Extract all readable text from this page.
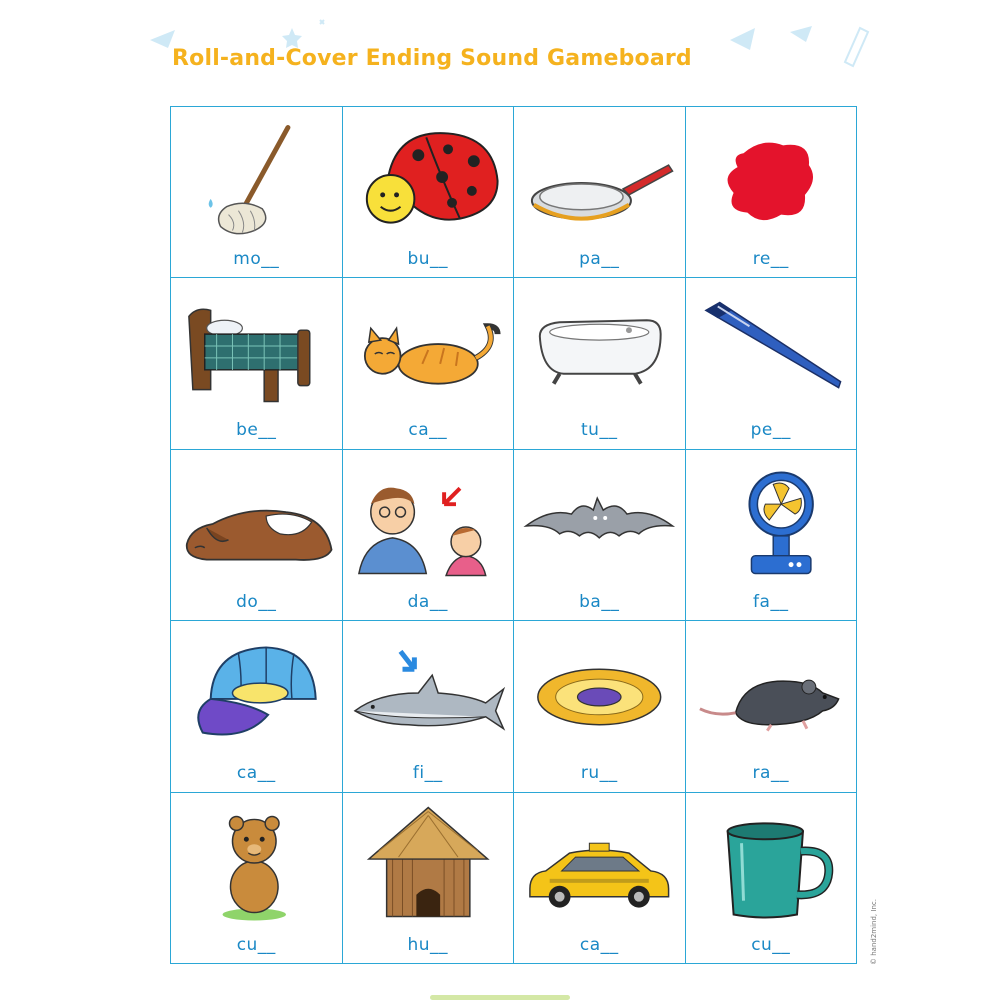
Roll-and-Cover Ending Sound Gameboard
mo__	bu__	pa__	re__
be__	ca__	tu__	pe__
do__	da__	ba__	fa__
ca__	fi__	ru__	ra__
cu__	hu__	ca__	cu__	© hand2mind, Inc.
